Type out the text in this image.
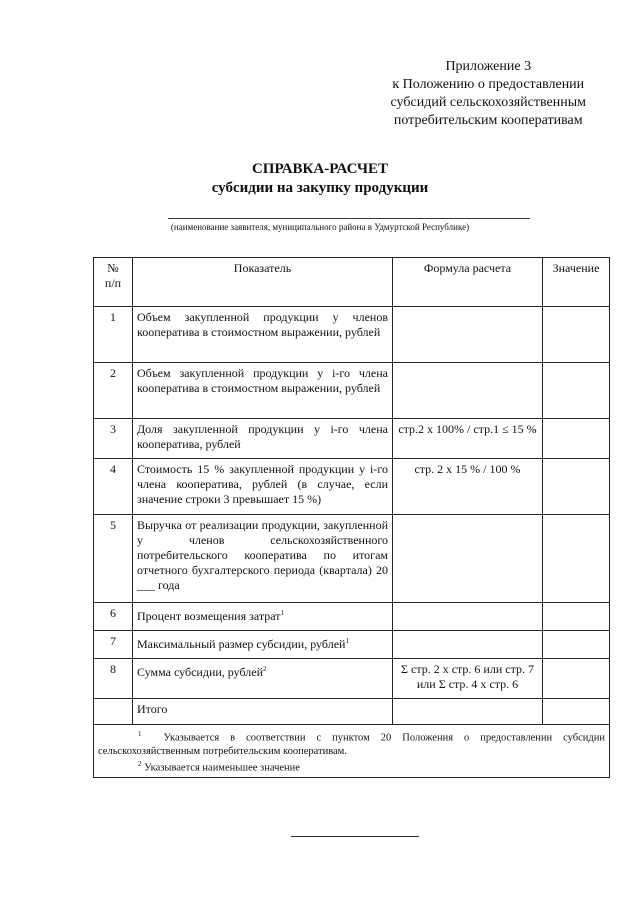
Приложение 3
к Положению о предоставлении
субсидий сельскохозяйственным
потребительским кооперативам
СПРАВКА-РАСЧЕТ
субсидии на закупку продукции
(наименование заявителя, муниципального района в Удмуртской Республике)
№
п/п	Показатель	Формула расчета	Значение
1	Объем закупленной продукции у членов кооператива в стоимостном выражении, рублей		
2	Объем закупленной продукции у i-го члена кооператива в стоимостном выражении, рублей		
3	Доля закупленной продукции у i-го члена кооператива, рублей	стр.2 x 100% / стр.1 ≤ 15 %	
4	Стоимость 15 % закупленной продукции у i-го члена кооператива, рублей (в случае, если значение строки 3 превышает 15 %)	стр. 2 x 15 % / 100 %	
5	Выручка от реализации продукции, закупленной у членов сельскохозяйственного потребительского кооператива по итогам отчетного бухгалтерского периода (квартала) 20 ___ года		
6	Процент возмещения затрат$^1$		
7	Максимальный размер субсидии, рублей$^1$		
8	Сумма субсидии, рублей$^2$	Σ стр. 2 x стр. 6 или стр. 7 или Σ стр. 4 x стр. 6	
	Итого		

$^1$ Указывается в соответствии с пунктом 20 Положения о предоставлении субсидии сельскохозяйственным потребительским кооперативам.
$^2$ Указывается наименьшее значение			
